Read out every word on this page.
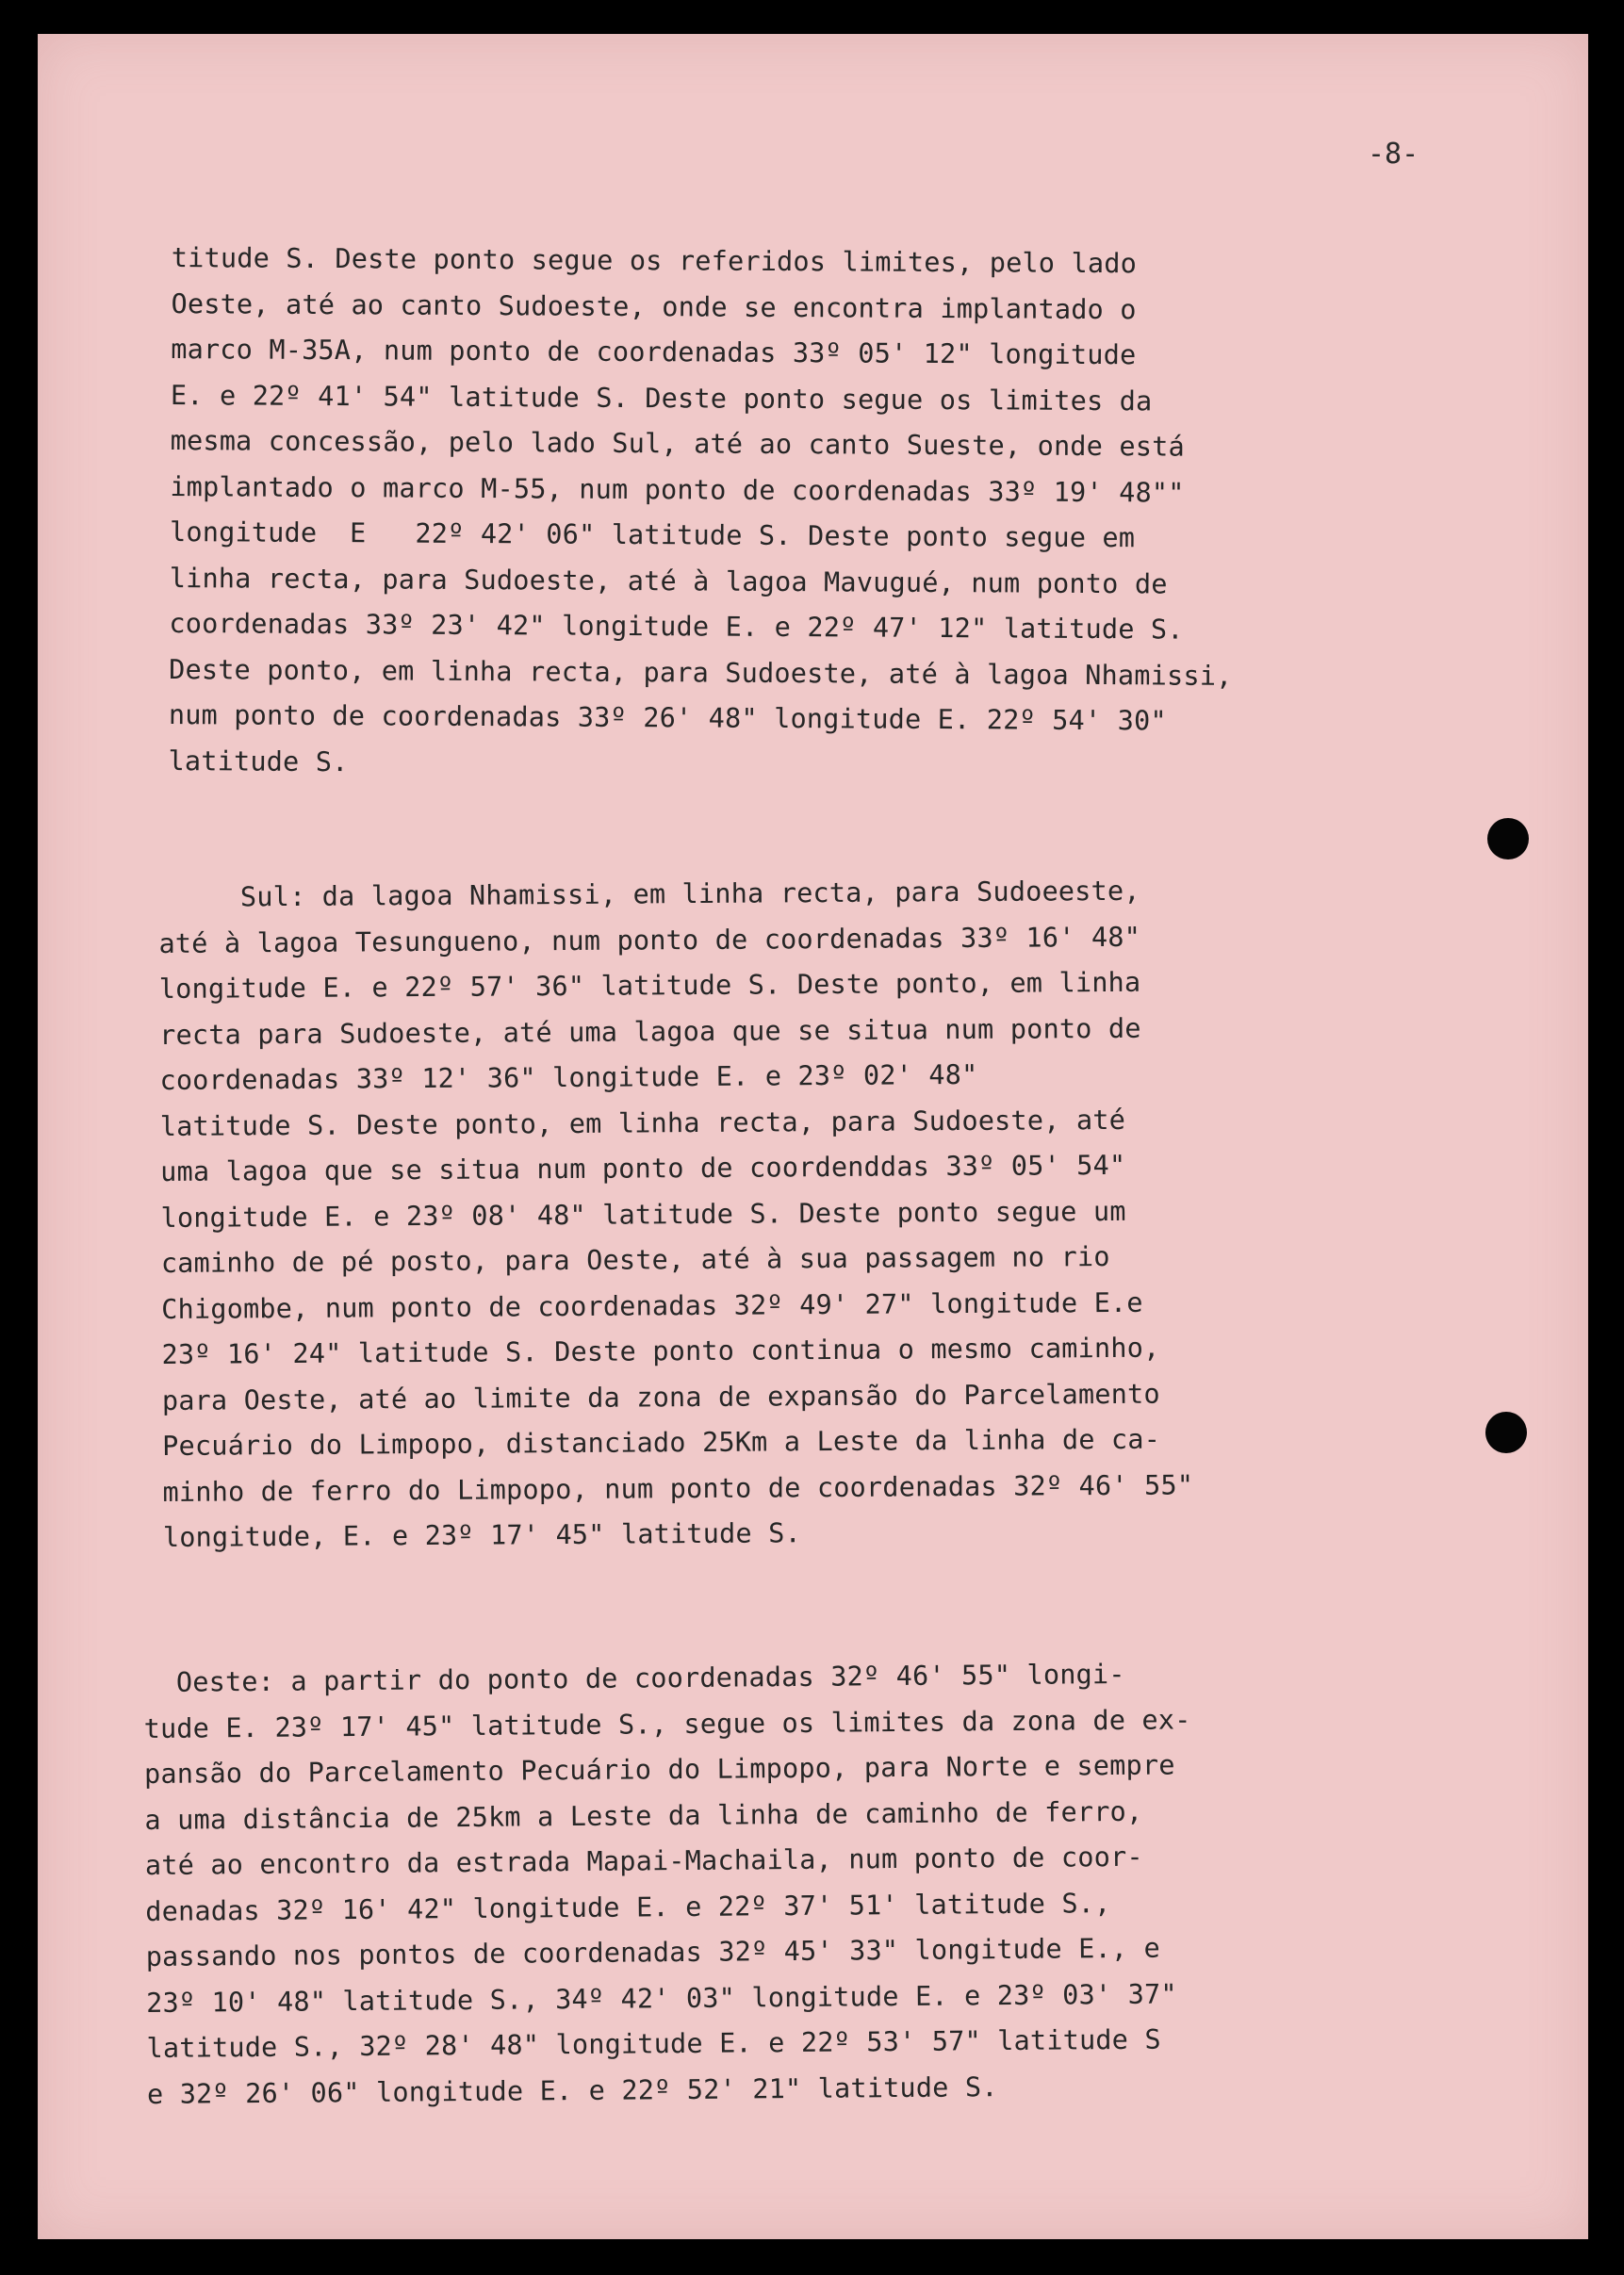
-8-
titude S. Deste ponto segue os referidos limites, pelo lado
Oeste, até ao canto Sudoeste, onde se encontra implantado o
marco M-35A, num ponto de coordenadas 33º 05' 12" longitude
E. e 22º 41' 54" latitude S. Deste ponto segue os limites da
mesma concessão, pelo lado Sul, até ao canto Sueste, onde está
implantado o marco M-55, num ponto de coordenadas 33º 19' 48""
longitude  E   22º 42' 06" latitude S. Deste ponto segue em
linha recta, para Sudoeste, até à lagoa Mavugué, num ponto de
coordenadas 33º 23' 42" longitude E. e 22º 47' 12" latitude S.
Deste ponto, em linha recta, para Sudoeste, até à lagoa Nhamissi,
num ponto de coordenadas 33º 26' 48" longitude E. 22º 54' 30"
latitude S.
Sul: da lagoa Nhamissi, em linha recta, para Sudoeeste,
até à lagoa Tesungueno, num ponto de coordenadas 33º 16' 48"
longitude E. e 22º 57' 36" latitude S. Deste ponto, em linha
recta para Sudoeste, até uma lagoa que se situa num ponto de
coordenadas 33º 12' 36" longitude E. e 23º 02' 48"
latitude S. Deste ponto, em linha recta, para Sudoeste, até
uma lagoa que se situa num ponto de coordenddas 33º 05' 54"
longitude E. e 23º 08' 48" latitude S. Deste ponto segue um
caminho de pé posto, para Oeste, até à sua passagem no rio
Chigombe, num ponto de coordenadas 32º 49' 27" longitude E.e
23º 16' 24" latitude S. Deste ponto continua o mesmo caminho,
para Oeste, até ao limite da zona de expansão do Parcelamento
Pecuário do Limpopo, distanciado 25Km a Leste da linha de ca-
minho de ferro do Limpopo, num ponto de coordenadas 32º 46' 55"
longitude, E. e 23º 17' 45" latitude S.
Oeste: a partir do ponto de coordenadas 32º 46' 55" longi-
tude E. 23º 17' 45" latitude S., segue os limites da zona de ex-
pansão do Parcelamento Pecuário do Limpopo, para Norte e sempre
a uma distância de 25km a Leste da linha de caminho de ferro,
até ao encontro da estrada Mapai-Machaila, num ponto de coor-
denadas 32º 16' 42" longitude E. e 22º 37' 51' latitude S.,
passando nos pontos de coordenadas 32º 45' 33" longitude E., e
23º 10' 48" latitude S., 34º 42' 03" longitude E. e 23º 03' 37"
latitude S., 32º 28' 48" longitude E. e 22º 53' 57" latitude S
e 32º 26' 06" longitude E. e 22º 52' 21" latitude S.
